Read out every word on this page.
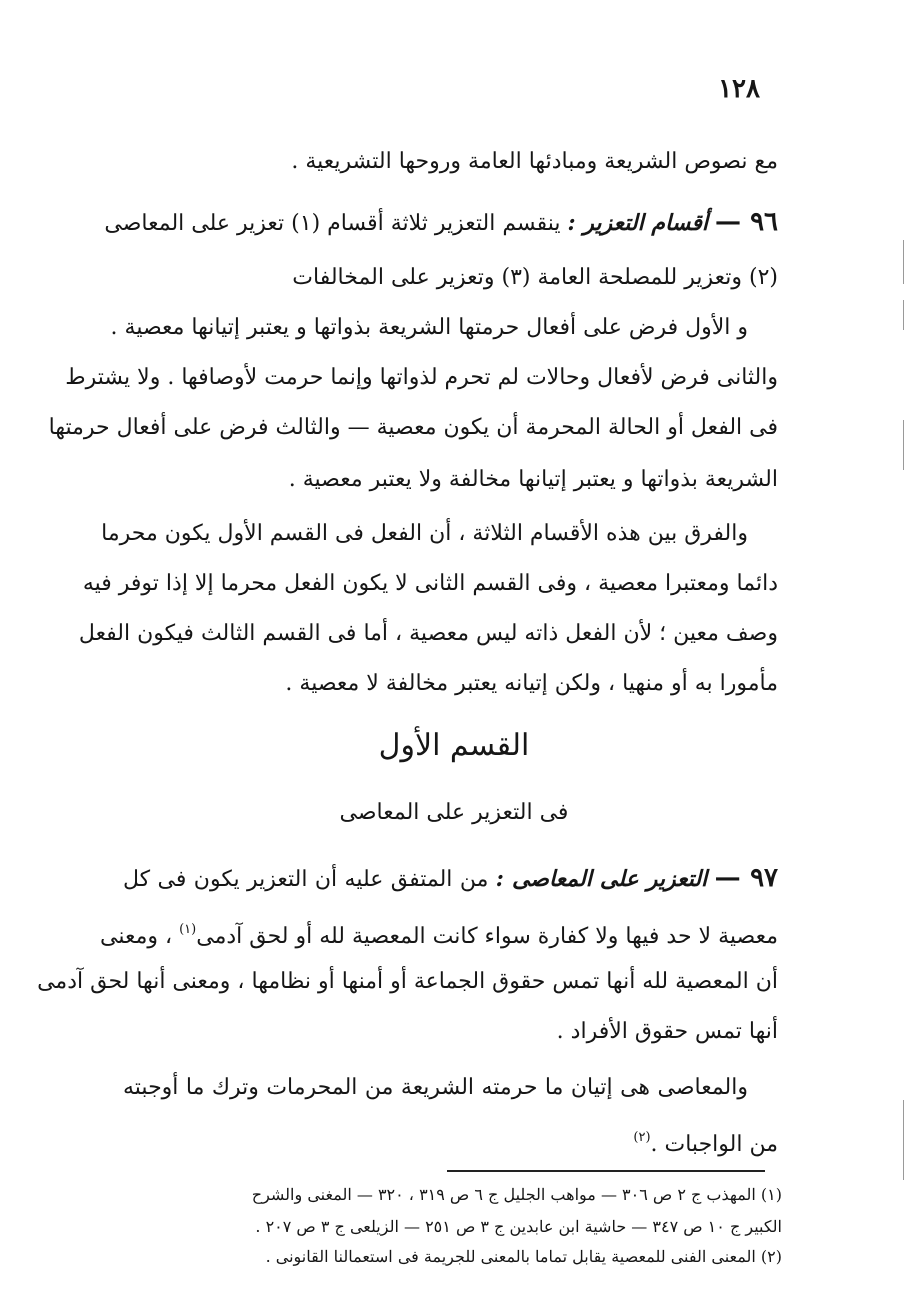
١٢٨
مع نصوص الشريعة ومبادئها العامة وروحها التشريعية .
٩٦ — أقسام التعزير : ينقسم التعزير ثلاثة أقسام (١) تعزير على المعاصى
(٢) وتعزير للمصلحة العامة (٣) وتعزير على المخالفات
و الأول فرض على أفعال حرمتها الشريعة بذواتها و يعتبر إتيانها معصية .
والثانى فرض لأفعال وحالات لم تحرم لذواتها وإنما حرمت لأوصافها . ولا يشترط
فى الفعل أو الحالة المحرمة أن يكون معصية — والثالث فرض على أفعال حرمتها
الشريعة بذواتها و يعتبر إتيانها مخالفة ولا يعتبر معصية .
والفرق بين هذه الأقسام الثلاثة ، أن الفعل فى القسم الأول يكون محرما
دائما ومعتبرا معصية ، وفى القسم الثانى لا يكون الفعل محرما إلا إذا توفر فيه
وصف معين ؛ لأن الفعل ذاته ليس معصية ، أما فى القسم الثالث فيكون الفعل
مأمورا به أو منهيا ، ولكن إتيانه يعتبر مخالفة لا معصية .
القسم الأول
فى التعزير على المعاصى
٩٧ — التعزير على المعاصى : من المتفق عليه أن التعزير يكون فى كل
معصية لا حد فيها ولا كفارة سواء كانت المعصية لله أو لحق آدمى$^{(١)}$ ، ومعنى
أن المعصية لله أنها تمس حقوق الجماعة أو أمنها أو نظامها ، ومعنى أنها لحق آدمى
أنها تمس حقوق الأفراد .
والمعاصى هى إتيان ما حرمته الشريعة من المحرمات وترك ما أوجبته
من الواجبات .$^{(٢)}$
(١) المهذب ج ٢ ص ٣٠٦ — مواهب الجليل ج ٦ ص ٣١٩ ، ٣٢٠ — المغنى والشرح
الكبير ج ١٠ ص ٣٤٧ — حاشية ابن عابدين ج ٣ ص ٢٥١ — الزيلعى ج ٣ ص ٢٠٧ .
(٢) المعنى الفنى للمعصية يقابل تماما بالمعنى للجريمة فى استعمالنا القانونى .
